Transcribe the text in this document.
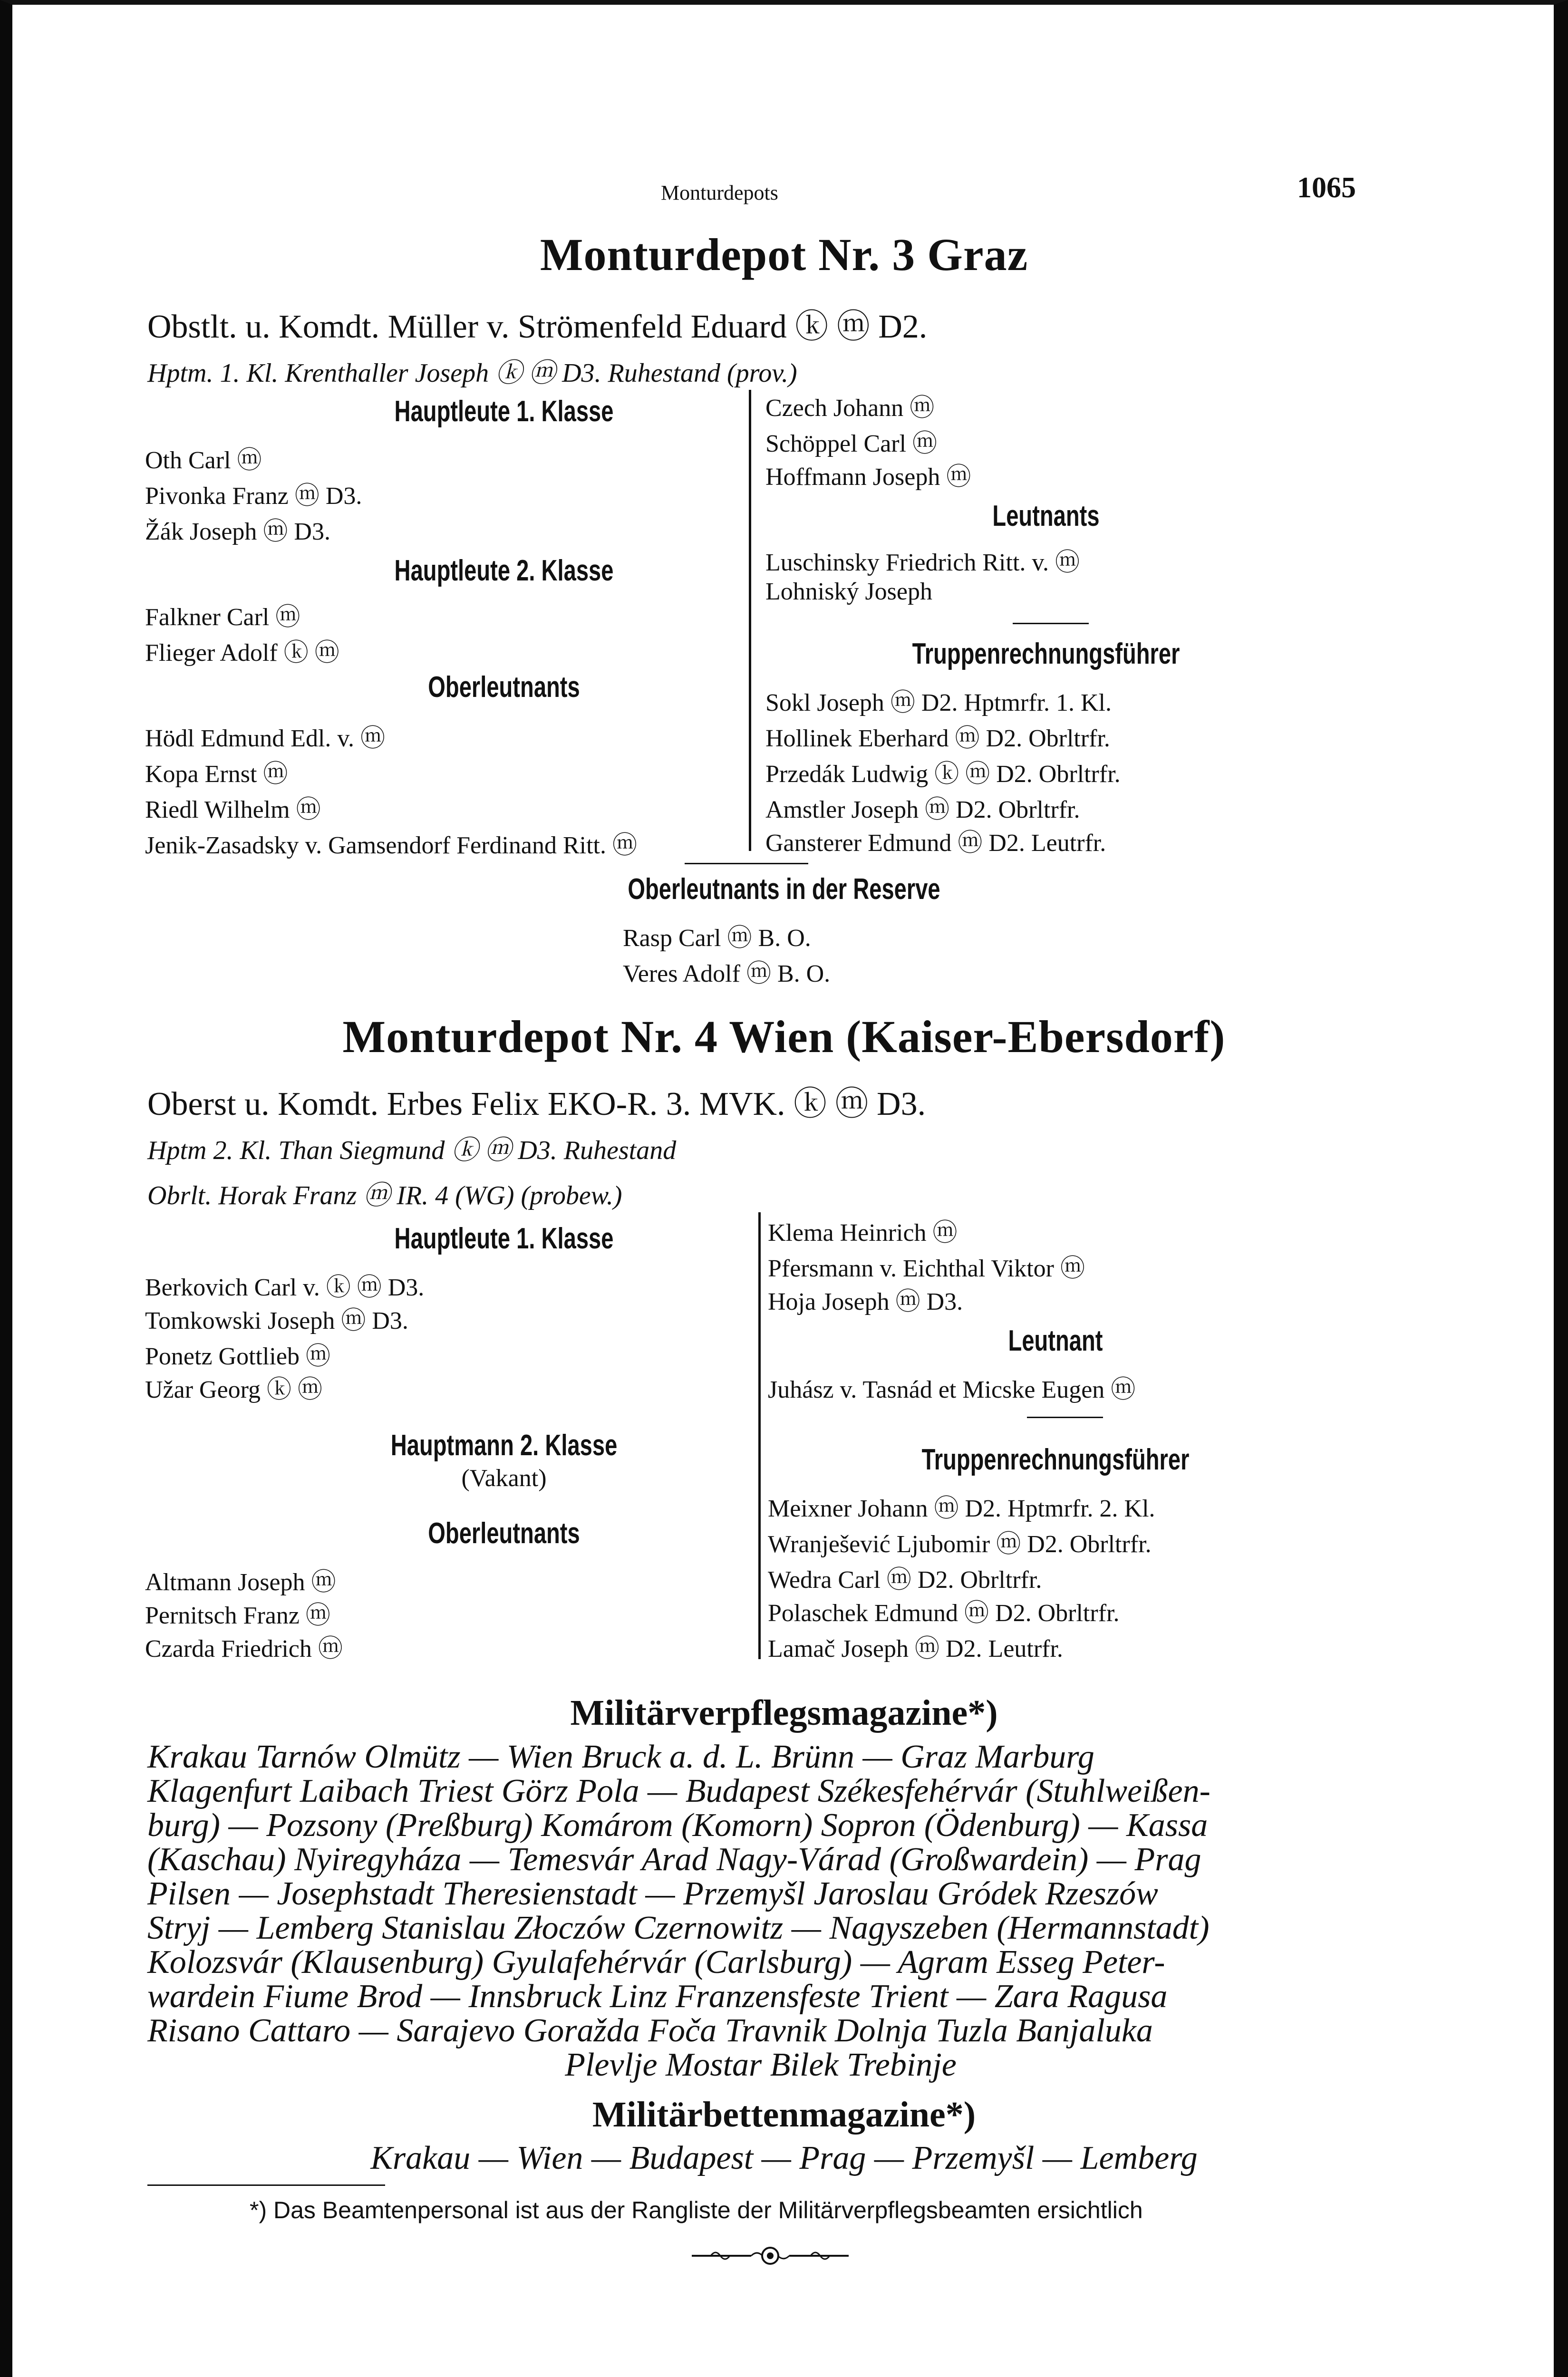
Monturdepots	1065
Monturdepot Nr. 3 Graz
Obstlt. u. Komdt. Müller v. Strömenfeld Eduard ⓚ ⓜ D2.
Hptm. 1. Kl. Krenthaller Joseph ⓚ ⓜ D3. Ruhestand (prov.)
Hauptleute 1. Klasse
Oth Carl ⓜ
Pivonka Franz ⓜ D3.
Žák Joseph ⓜ D3.
Hauptleute 2. Klasse
Falkner Carl ⓜ
Flieger Adolf ⓚ ⓜ
Oberleutnants
Hödl Edmund Edl. v. ⓜ
Kopa Ernst ⓜ
Riedl Wilhelm ⓜ
Jenik-Zasadsky v. Gamsendorf Ferdinand Ritt. ⓜ
Czech Johann ⓜ
Schöppel Carl ⓜ
Hoffmann Joseph ⓜ
Leutnants
Luschinsky Friedrich Ritt. v. ⓜ
Lohniský Joseph
Truppenrechnungsführer
Sokl Joseph ⓜ D2. Hptmrfr. 1. Kl.
Hollinek Eberhard ⓜ D2. Obrltrfr.
Przedák Ludwig ⓚ ⓜ D2. Obrltrfr.
Amstler Joseph ⓜ D2. Obrltrfr.
Gansterer Edmund ⓜ D2. Leutrfr.
Oberleutnants in der Reserve
Rasp Carl ⓜ B. O.
Veres Adolf ⓜ B. O.
Monturdepot Nr. 4 Wien (Kaiser-Ebersdorf)
Oberst u. Komdt. Erbes Felix EKO-R. 3. MVK. ⓚ ⓜ D3.
Hptm 2. Kl. Than Siegmund ⓚ ⓜ D3. Ruhestand
Obrlt. Horak Franz ⓜ IR. 4 (WG) (probew.)
Hauptleute 1. Klasse
Berkovich Carl v. ⓚ ⓜ D3.
Tomkowski Joseph ⓜ D3.
Ponetz Gottlieb ⓜ
Užar Georg ⓚ ⓜ
Hauptmann 2. Klasse
(Vakant)
Oberleutnants
Altmann Joseph ⓜ
Pernitsch Franz ⓜ
Czarda Friedrich ⓜ
Klema Heinrich ⓜ
Pfersmann v. Eichthal Viktor ⓜ
Hoja Joseph ⓜ D3.
Leutnant
Juhász v. Tasnád et Micske Eugen ⓜ
Truppenrechnungsführer
Meixner Johann ⓜ D2. Hptmrfr. 2. Kl.
Wranješević Ljubomir ⓜ D2. Obrltrfr.
Wedra Carl ⓜ D2. Obrltrfr.
Polaschek Edmund ⓜ D2. Obrltrfr.
Lamač Joseph ⓜ D2. Leutrfr.
Militärverpflegsmagazine*)
Krakau Tarnów Olmütz — Wien Bruck a. d. L. Brünn — Graz Marburg
Klagenfurt Laibach Triest Görz Pola — Budapest Székesfehérvár (Stuhlweißen-
burg) — Pozsony (Preßburg) Komárom (Komorn) Sopron (Ödenburg) — Kassa
(Kaschau) Nyiregyháza — Temesvár Arad Nagy-Várad (Großwardein) — Prag
Pilsen — Josephstadt Theresienstadt — Przemyšl Jaroslau Gródek Rzeszów
Stryj — Lemberg Stanislau Złoczów Czernowitz — Nagyszeben (Hermannstadt)
Kolozsvár (Klausenburg) Gyulafehérvár (Carlsburg) — Agram Esseg Peter-
wardein Fiume Brod — Innsbruck Linz Franzensfeste Trient — Zara Ragusa
Risano Cattaro — Sarajevo Goražda Foča Travnik Dolnja Tuzla Banjaluka
Plevlje Mostar Bilek Trebinje
Militärbettenmagazine*)
Krakau — Wien — Budapest — Prag — Przemyšl — Lemberg
*) Das Beamtenpersonal ist aus der Rangliste der Militärverpflegsbeamten ersichtlich
